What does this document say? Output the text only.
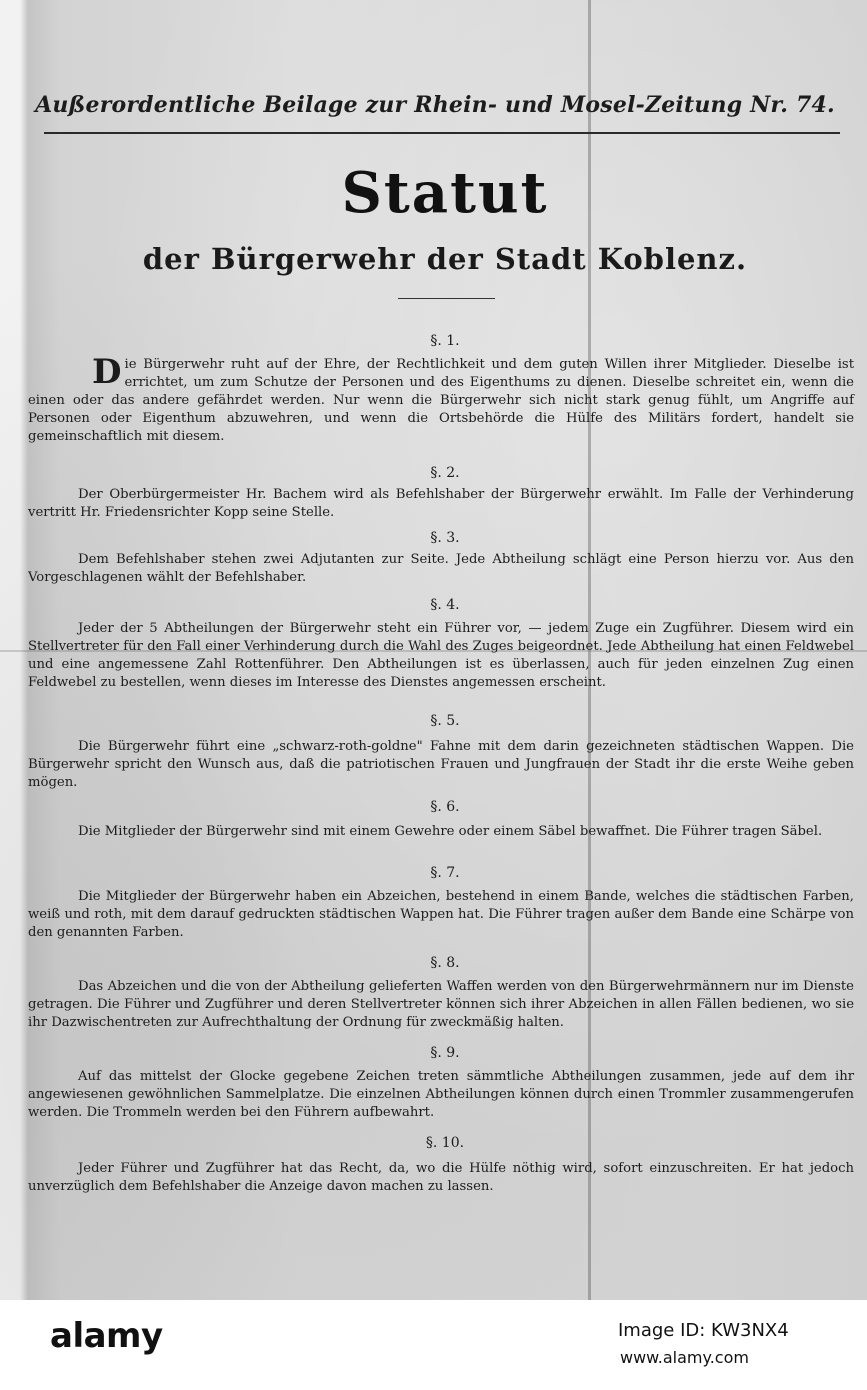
Außerordentliche Beilage zur Rhein- und Mosel-Zeitung Nr. 74.
Statut
der Bürgerwehr der Stadt Koblenz.
§. 1.
Die Bürgerwehr ruht auf der Ehre, der Rechtlichkeit und dem guten Willen ihrer Mitglieder. Dieselbe ist errichtet, um zum Schutze der Personen und des Eigenthums zu dienen. Dieselbe schreitet ein, wenn die einen oder das andere gefährdet werden. Nur wenn die Bürgerwehr sich nicht stark genug fühlt, um Angriffe auf Personen oder Eigenthum abzuwehren, und wenn die Ortsbehörde die Hülfe des Militärs fordert, handelt sie gemeinschaftlich mit diesem.
§. 2.
Der Oberbürgermeister Hr. Bachem wird als Befehlshaber der Bürgerwehr erwählt. Im Falle der Verhinderung vertritt Hr. Friedensrichter Kopp seine Stelle.
§. 3.
Dem Befehlshaber stehen zwei Adjutanten zur Seite. Jede Abtheilung schlägt eine Person hierzu vor. Aus den Vorgeschlagenen wählt der Befehlshaber.
§. 4.
Jeder der 5 Abtheilungen der Bürgerwehr steht ein Führer vor, — jedem Zuge ein Zugführer. Diesem wird ein Stellvertreter für den Fall einer Verhinderung durch die Wahl des Zuges beigeordnet. Jede Abtheilung hat einen Feldwebel und eine angemessene Zahl Rottenführer. Den Abtheilungen ist es überlassen, auch für jeden einzelnen Zug einen Feldwebel zu bestellen, wenn dieses im Interesse des Dienstes angemessen erscheint.
§. 5.
Die Bürgerwehr führt eine „schwarz-roth-goldne" Fahne mit dem darin gezeichneten städtischen Wappen. Die Bürgerwehr spricht den Wunsch aus, daß die patriotischen Frauen und Jungfrauen der Stadt ihr die erste Weihe geben mögen.
§. 6.
Die Mitglieder der Bürgerwehr sind mit einem Gewehre oder einem Säbel bewaffnet. Die Führer tragen Säbel.
§. 7.
Die Mitglieder der Bürgerwehr haben ein Abzeichen, bestehend in einem Bande, welches die städtischen Farben, weiß und roth, mit dem darauf gedruckten städtischen Wappen hat. Die Führer tragen außer dem Bande eine Schärpe von den genannten Farben.
§. 8.
Das Abzeichen und die von der Abtheilung gelieferten Waffen werden von den Bürgerwehrmännern nur im Dienste getragen. Die Führer und Zugführer und deren Stellvertreter können sich ihrer Abzeichen in allen Fällen bedienen, wo sie ihr Dazwischentreten zur Aufrechthaltung der Ordnung für zweckmäßig halten.
§. 9.
Auf das mittelst der Glocke gegebene Zeichen treten sämmtliche Abtheilungen zusammen, jede auf dem ihr angewiesenen gewöhnlichen Sammelplatze. Die einzelnen Abtheilungen können durch einen Trommler zusammengerufen werden. Die Trommeln werden bei den Führern aufbewahrt.
§. 10.
Jeder Führer und Zugführer hat das Recht, da, wo die Hülfe nöthig wird, sofort einzuschreiten. Er hat jedoch unverzüglich dem Befehlshaber die Anzeige davon machen zu lassen.
alamy	Image ID: KW3NX4
www.alamy.com
